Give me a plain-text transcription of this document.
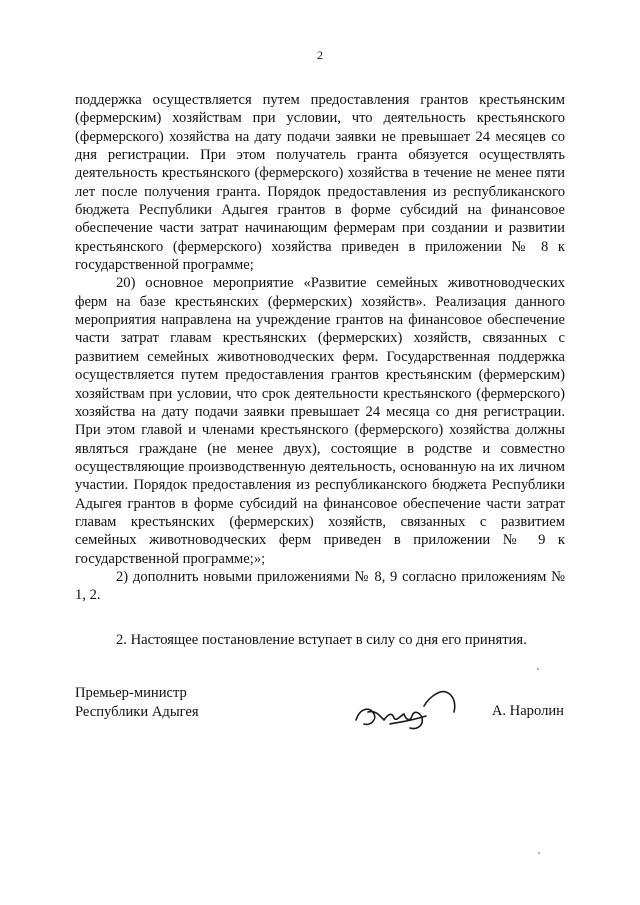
2

поддержка осуществляется путем предоставления грантов крестьянским (фермерским) хозяйствам при условии, что деятельность крестьянского (фермерского) хозяйства на дату подачи заявки не превышает 24 месяцев со дня регистрации. При этом получатель гранта обязуется осуществлять деятельность крестьянского (фермерского) хозяйства в течение не менее пяти лет после получения гранта. Порядок предоставления из республиканского бюджета Республики Адыгея грантов в форме субсидий на финансовое обеспечение части затрат начинающим фермерам при создании и развитии крестьянского (фермерского) хозяйства приведен в приложении № 8 к государственной программе;

20) основное мероприятие «Развитие семейных животноводческих ферм на базе крестьянских (фермерских) хозяйств». Реализация данного мероприятия направлена на учреждение грантов на финансовое обеспечение части затрат главам крестьянских (фермерских) хозяйств, связанных с развитием семейных животноводческих ферм. Государственная поддержка осуществляется путем предоставления грантов крестьянским (фермерским) хозяйствам при условии, что срок деятельности крестьянского (фермерского) хозяйства на дату подачи заявки превышает 24 месяца со дня регистрации. При этом главой и членами крестьянского (фермерского) хозяйства должны являться граждане (не менее двух), состоящие в родстве и совместно осуществляющие производственную деятельность, основанную на их личном участии. Порядок предоставления из республиканского бюджета Республики Адыгея грантов в форме субсидий на финансовое обеспечение части затрат главам крестьянских (фермерских) хозяйств, связанных с развитием семейных животноводческих ферм приведен в приложении № 9 к государственной программе;»;

2) дополнить новыми приложениями № 8, 9 согласно приложениям № 1, 2.

2. Настоящее постановление вступает в силу со дня его принятия.

Премьер-министр
Республики Адыгея	А. Наролин
